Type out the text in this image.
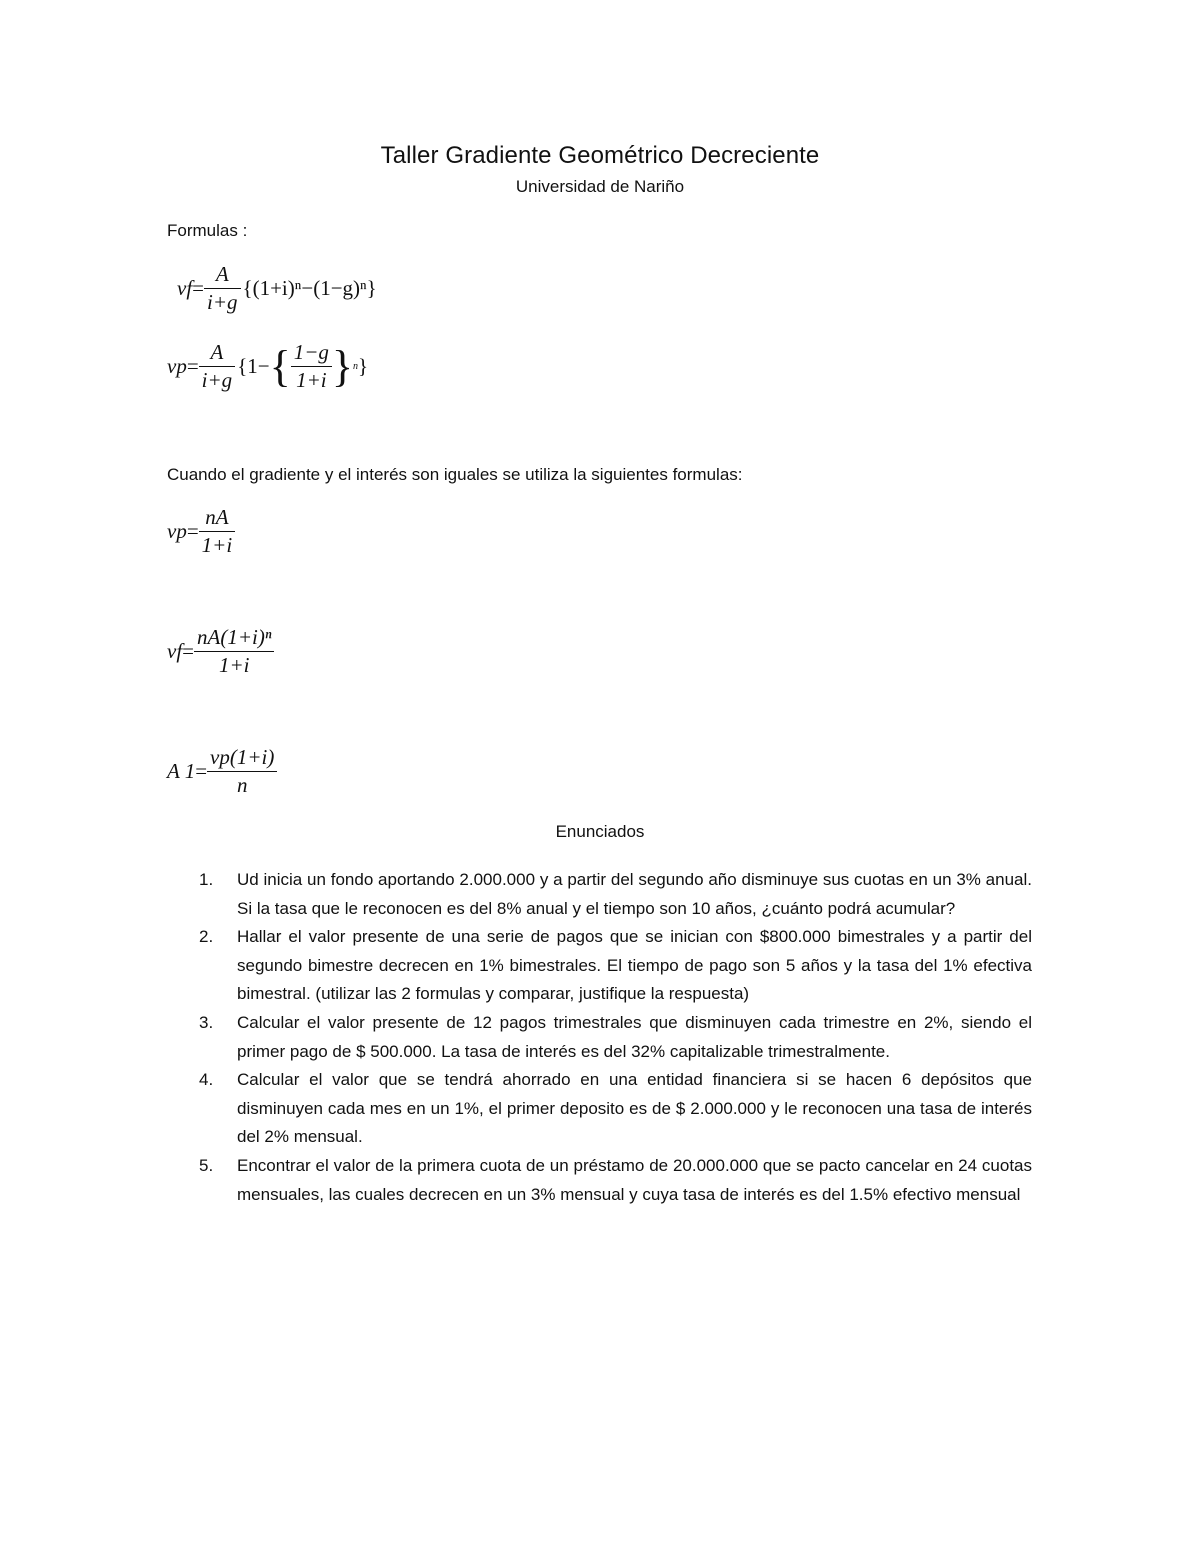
Taller Gradiente Geométrico Decreciente
Universidad de Nariño
Formulas :
vf = $\frac{A}{i+g} \{(1+i)^n-(1-g)^n\}$
vp = $\frac{A}{i+g} \{1-$ { $\frac{1-g}{1+i}$ } n }
Cuando el gradiente y el interés son iguales se utiliza la siguientes formulas:
vp = $\frac{nA}{1+i}$
vf = $\frac{\text{nA(1+i)ⁿ}}{1+i}$
A $1 = \frac{vp(1+i)}{n}$
Enunciados
1. Ud inicia un fondo aportando 2.000.000 y a partir del segundo año disminuye sus cuotas en un 3% anual. Si la tasa que le reconocen es del 8% anual y el tiempo son 10 años, ¿cuánto podrá acumular?
2. Hallar el valor presente de una serie de pagos que se inician con $800.000 bimestrales y a partir del segundo bimestre decrecen en 1% bimestrales. El tiempo de pago son 5 años y la tasa del 1% efectiva bimestral. (utilizar las 2 formulas y comparar, justifique la respuesta)
3. Calcular el valor presente de 12 pagos trimestrales que disminuyen cada trimestre en 2%, siendo el primer pago de $ 500.000. La tasa de interés es del 32% capitalizable trimestralmente.
4. Calcular el valor que se tendrá ahorrado en una entidad financiera si se hacen 6 depósitos que disminuyen cada mes en un 1%, el primer deposito es de $ 2.000.000 y le reconocen una tasa de interés del 2% mensual.
5. Encontrar el valor de la primera cuota de un préstamo de 20.000.000 que se pacto cancelar en 24 cuotas mensuales, las cuales decrecen en un 3% mensual y cuya tasa de interés es del 1.5% efectivo mensual
